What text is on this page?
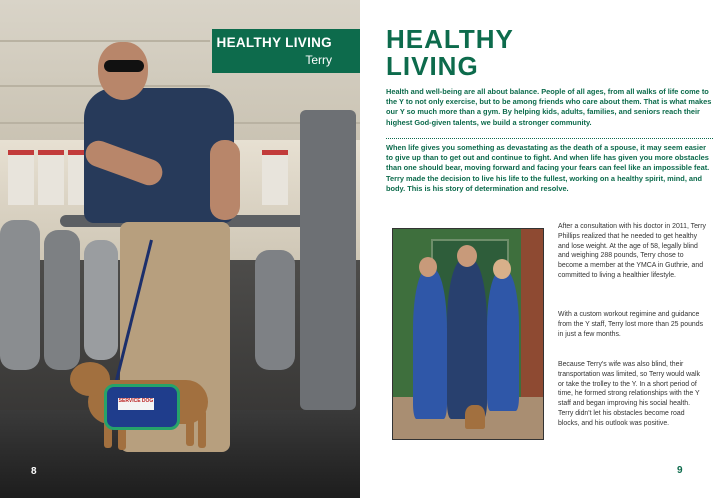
SERVICE DOG
8
HEALTHY LIVING
Terry
HEALTHY
LIVING
Health and well-being are all about balance. People of all ages, from all walks of life come to the Y to not only exercise, but to be among friends who care about them. That is what makes our Y so much more than a gym. By helping kids, adults, families, and seniors reach their highest God-given talents, we build a stronger community.
When life gives you something as devastating as the death of a spouse, it may seem easier to give up than to get out and continue to fight. And when life has given you more obstacles than one should bear, moving forward and facing your fears can feel like an impossible feat. Terry made the decision to live his life to the fullest, working on a healthy spirit, mind, and body. This is his story of determination and resolve.
After a consultation with his doctor in 2011, Terry Phillips realized that he needed to get healthy and lose weight. At the age of 58, legally blind and weighing 288 pounds, Terry chose to become a member at the YMCA in Guthrie, and committed to living a healthier lifestyle.
With a custom workout regimine and guidance from the Y staff, Terry lost more than 25 pounds in just a few months.
Because Terry's wife was also blind, their transportation was limited, so Terry would walk or take the trolley to the Y. In a short period of time, he formed strong relationships with the Y staff and began improving his social health. Terry didn't let his obstacles become road blocks, and his outlook was positive.
9
